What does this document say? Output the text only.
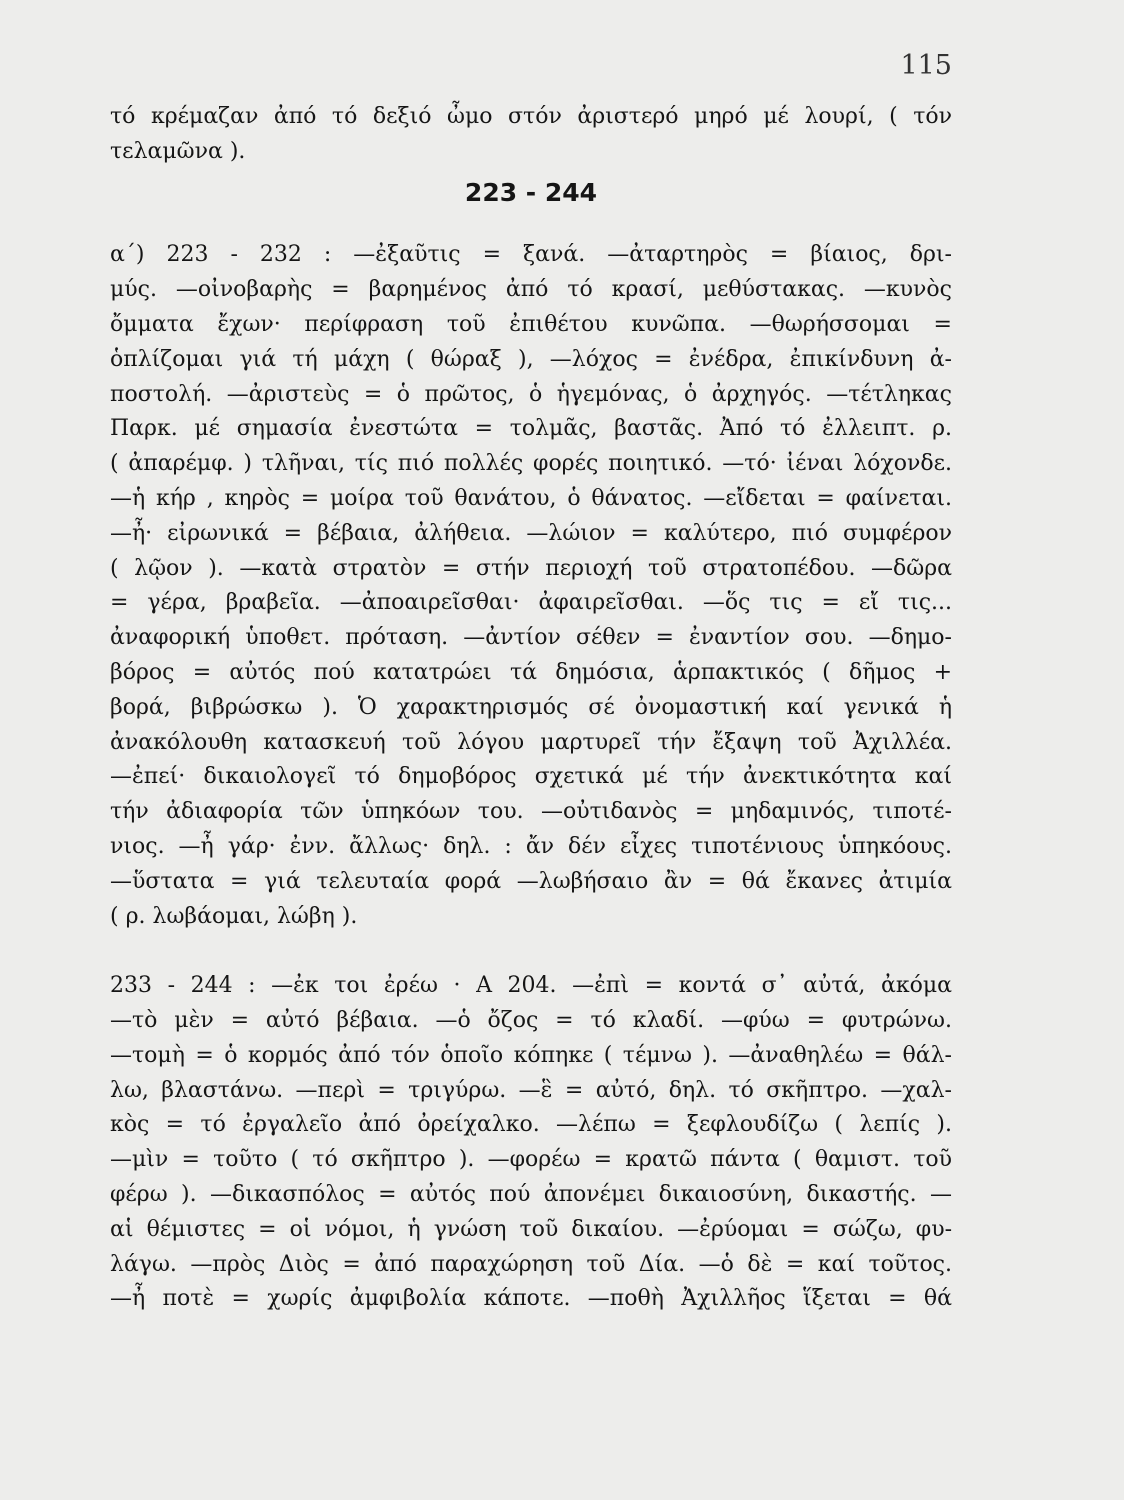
115
τό κρέμαζαν ἀπό τό δεξιό ὦμο στόν ἀριστερό μηρό μέ λουρί, ( τόν
τελαμῶνα ).
223 - 244
α΄) 223 - 232 : —ἐξαῦτις = ξανά. —ἀταρτηρὸς = βίαιος, δρι-
μύς. —οἰνοβαρὴς = βαρημένος ἀπό τό κρασί, μεθύστακας. —κυνὸς
ὄμματα ἔχων· περίφραση τοῦ ἐπιθέτου κυνῶπα. —θωρήσσομαι =
ὁπλίζομαι γιά τή μάχη ( θώραξ ), —λόχος = ἐνέδρα, ἐπικίνδυνη ἀ-
ποστολή. —ἀριστεὺς = ὁ πρῶτος, ὁ ἡγεμόνας, ὁ ἀρχηγός. —τέτληκας
Παρκ. μέ σημασία ἐνεστώτα = τολμᾶς, βαστᾶς. Ἀπό τό ἐλλειπτ. ρ.
( ἀπαρέμφ. ) τλῆναι, τίς πιό πολλές φορές ποιητικό. —τό· ἰέναι λόχονδε.
—ἡ κήρ , κηρὸς = μοίρα τοῦ θανάτου, ὁ θάνατος. —εἴδεται = φαίνεται.
—ἦ· εἰρωνικά = βέβαια, ἀλήθεια. —λώιον = καλύτερο, πιό συμφέρον
( λῷον ). —κατὰ στρατὸν = στήν περιοχή τοῦ στρατοπέδου. —δῶρα
= γέρα, βραβεῖα. —ἀποαιρεῖσθαι· ἀφαιρεῖσθαι. —ὅς τις = εἴ τις...
ἀναφορική ὑποθετ. πρόταση. —ἀντίον σέθεν = ἐναντίον σου. —δημο-
βόρος = αὐτός πού κατατρώει τά δημόσια, ἁρπακτικός ( δῆμος +
βορά, βιβρώσκω ). Ὁ χαρακτηρισμός σέ ὀνομαστική καί γενικά ἡ
ἀνακόλουθη κατασκευή τοῦ λόγου μαρτυρεῖ τήν ἔξαψη τοῦ Ἀχιλλέα.
—ἐπεί· δικαιολογεῖ τό δημοβόρος σχετικά μέ τήν ἀνεκτικότητα καί
τήν ἀδιαφορία τῶν ὑπηκόων του. —οὐτιδανὸς = μηδαμινός, τιποτέ-
νιος. —ἦ γάρ· ἐνν. ἄλλως· δηλ. : ἄν δέν εἶχες τιποτένιους ὑπηκόους.
—ὕστατα = γιά τελευταία φορά —λωβήσαιο ἂν = θά ἔκανες ἀτιμία
( ρ. λωβάομαι, λώβη ).
233 - 244 : —ἐκ τοι ἐρέω · Α 204. —ἐπὶ = κοντά σ᾽ αὐτά, ἀκόμα
—τὸ μὲν = αὐτό βέβαια. —ὁ ὄζος = τό κλαδί. —φύω = φυτρώνω.
—τομὴ = ὁ κορμός ἀπό τόν ὁποῖο κόπηκε ( τέμνω ). —ἀναθηλέω = θάλ-
λω, βλαστάνω. —περὶ = τριγύρω. —ἓ = αὐτό, δηλ. τό σκῆπτρο. —χαλ-
κὸς = τό ἐργαλεῖο ἀπό ὀρείχαλκο. —λέπω = ξεφλουδίζω ( λεπίς ).
—μὶν = τοῦτο ( τό σκῆπτρο ). —φορέω = κρατῶ πάντα ( θαμιστ. τοῦ
φέρω ). —δικασπόλος = αὐτός πού ἀπονέμει δικαιοσύνη, δικαστής. —
αἱ θέμιστες = οἱ νόμοι, ἡ γνώση τοῦ δικαίου. —ἐρύομαι = σώζω, φυ-
λάγω. —πρὸς Διὸς = ἀπό παραχώρηση τοῦ Δία. —ὁ δὲ = καί τοῦτος.
—ἦ ποτὲ = χωρίς ἀμφιβολία κάποτε. —ποθὴ Ἀχιλλῆος ἵξεται = θά
